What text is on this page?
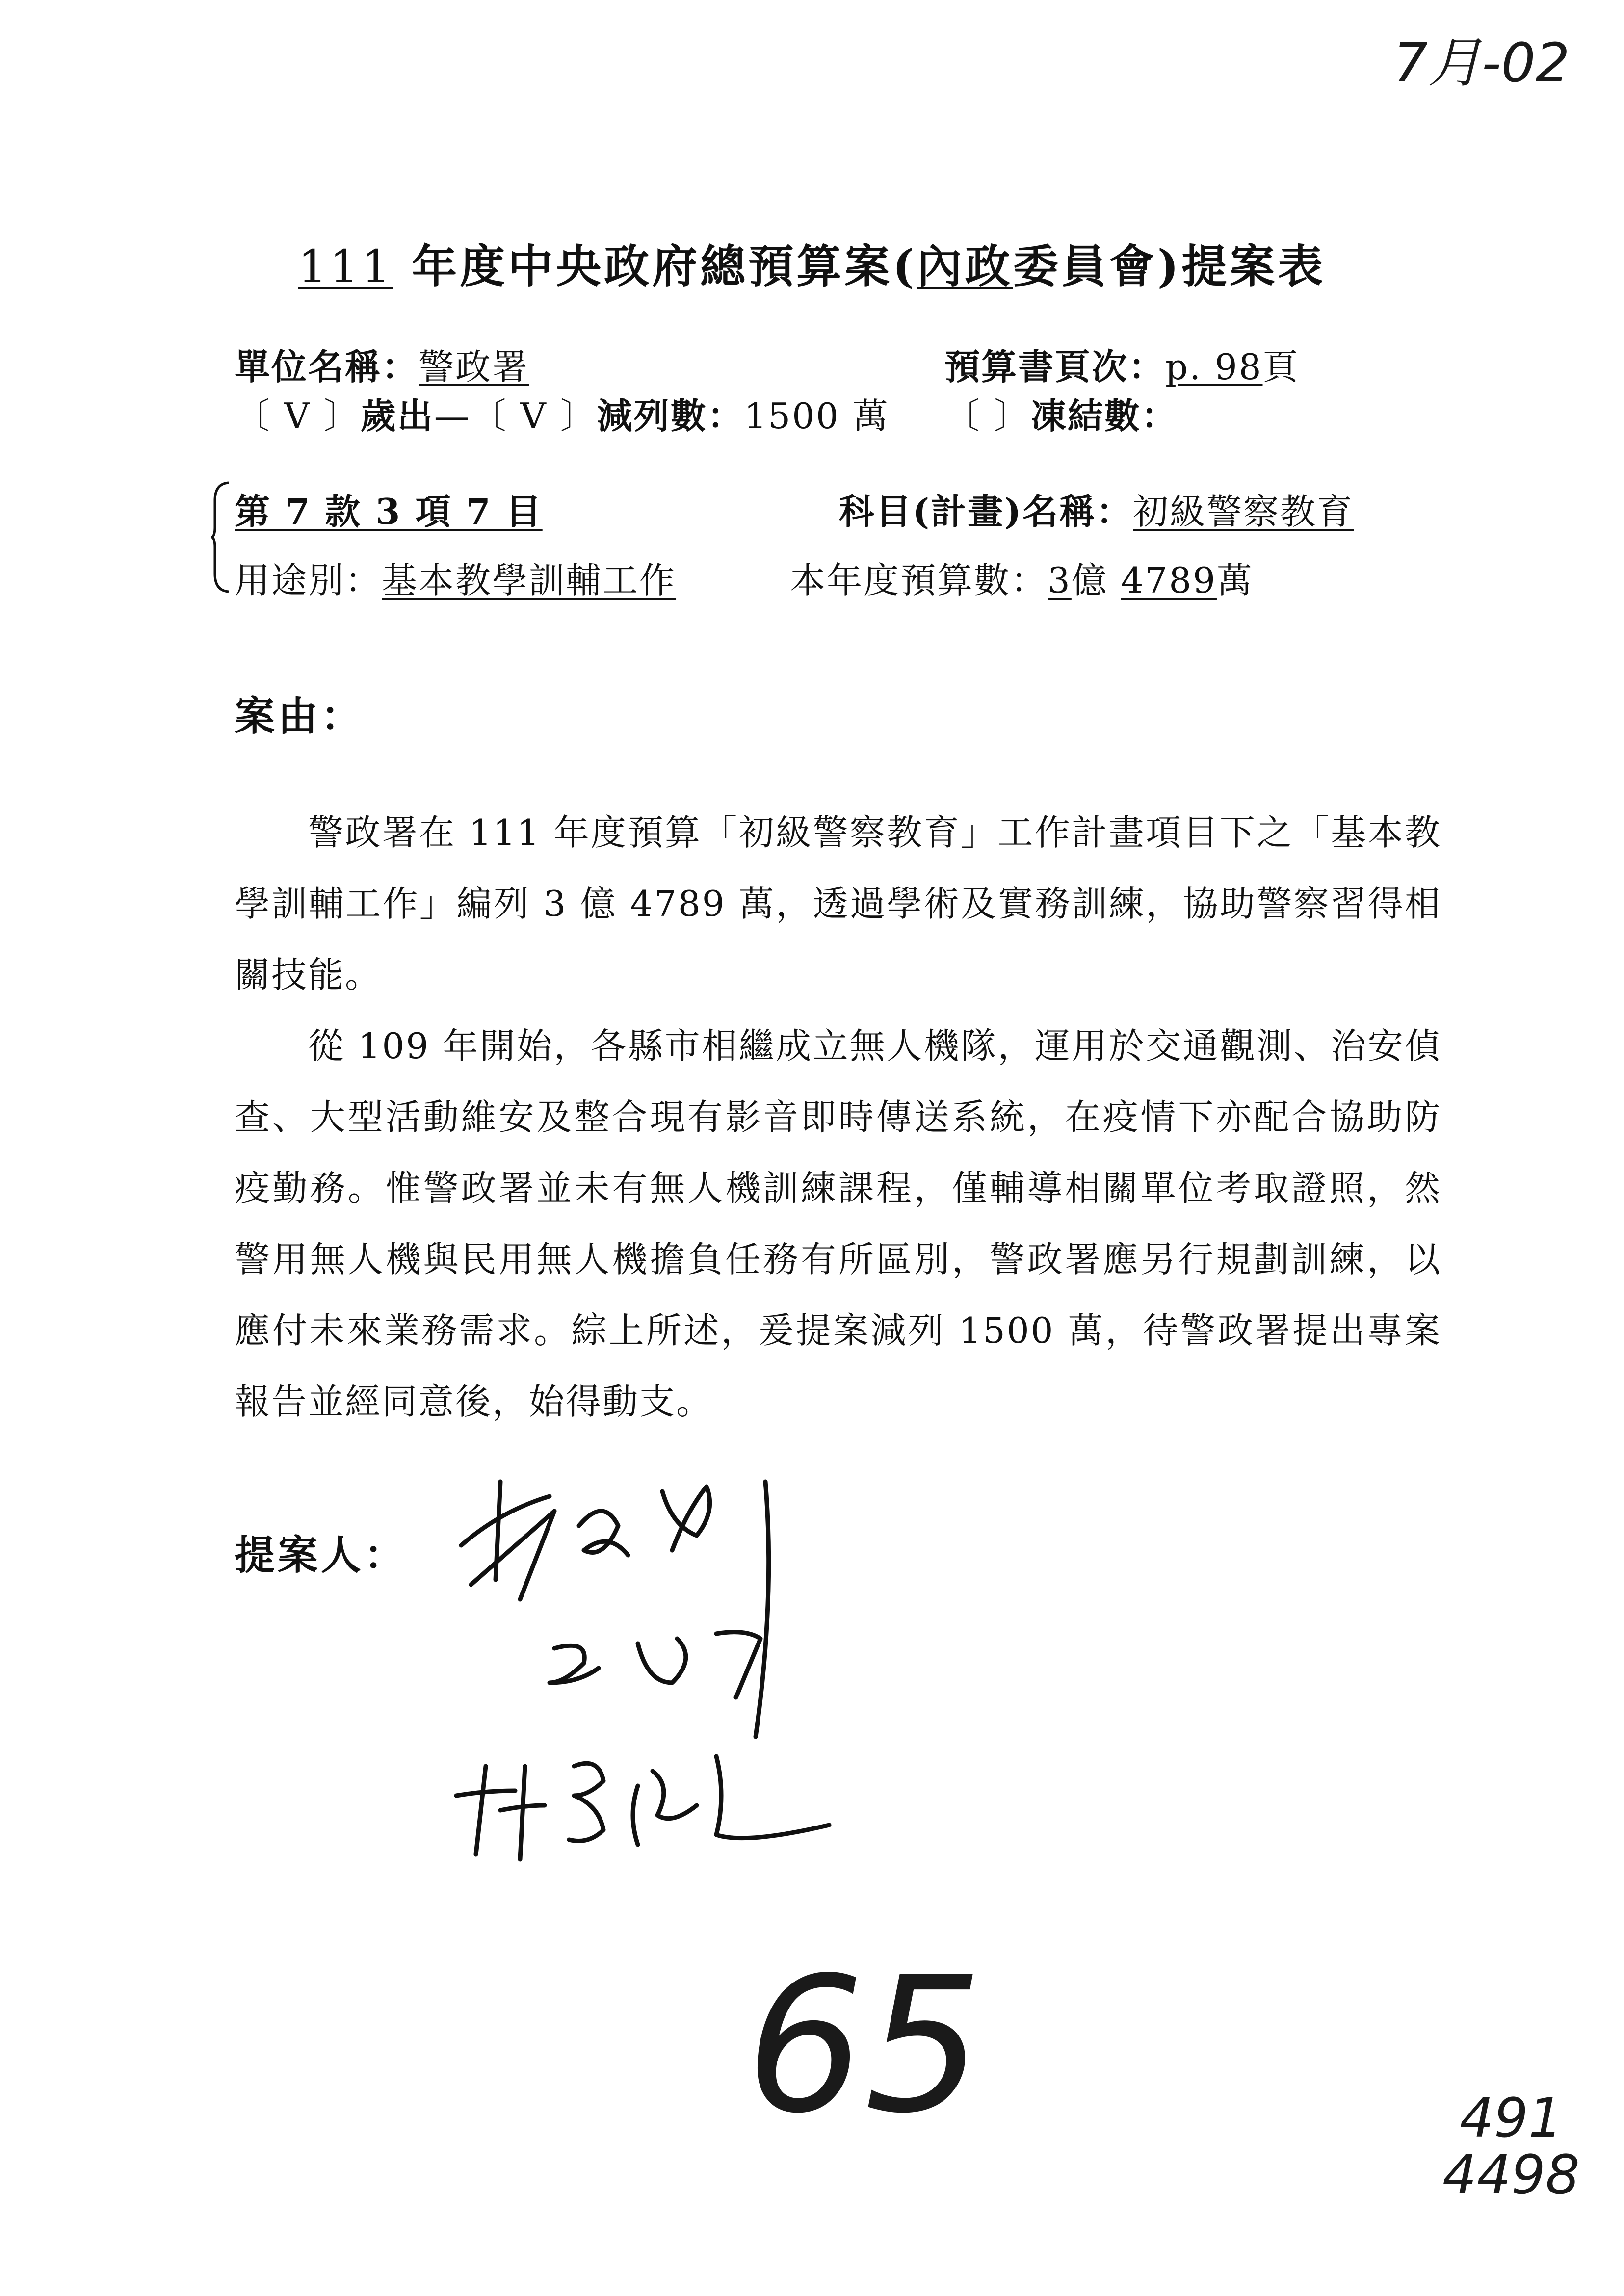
7月-02
111 年度中央政府總預算案(內政委員會)提案表
單位名稱：警政署	預算書頁次：p. 98頁
〔 V 〕歲出—〔 V 〕減列數：1500 萬 〔 〕凍結數：
第 7 款 3 項 7 目	科目(計畫)名稱：初級警察教育
用途別：基本教學訓輔工作	本年度預算數：3億 4789萬
案由：

警政署在 111 年度預算「初級警察教育」工作計畫項目下之「基本教學訓輔工作」編列 3 億 4789 萬，透過學術及實務訓練，協助警察習得相關技能。

從 109 年開始，各縣市相繼成立無人機隊，運用於交通觀測、治安偵查、大型活動維安及整合現有影音即時傳送系統，在疫情下亦配合協助防疫勤務。惟警政署並未有無人機訓練課程，僅輔導相關單位考取證照，然警用無人機與民用無人機擔負任務有所區別，警政署應另行規劃訓練，以應付未來業務需求。綜上所述，爰提案減列 1500 萬，待警政署提出專案報告並經同意後，始得動支。

提案人：
65	491
4498
